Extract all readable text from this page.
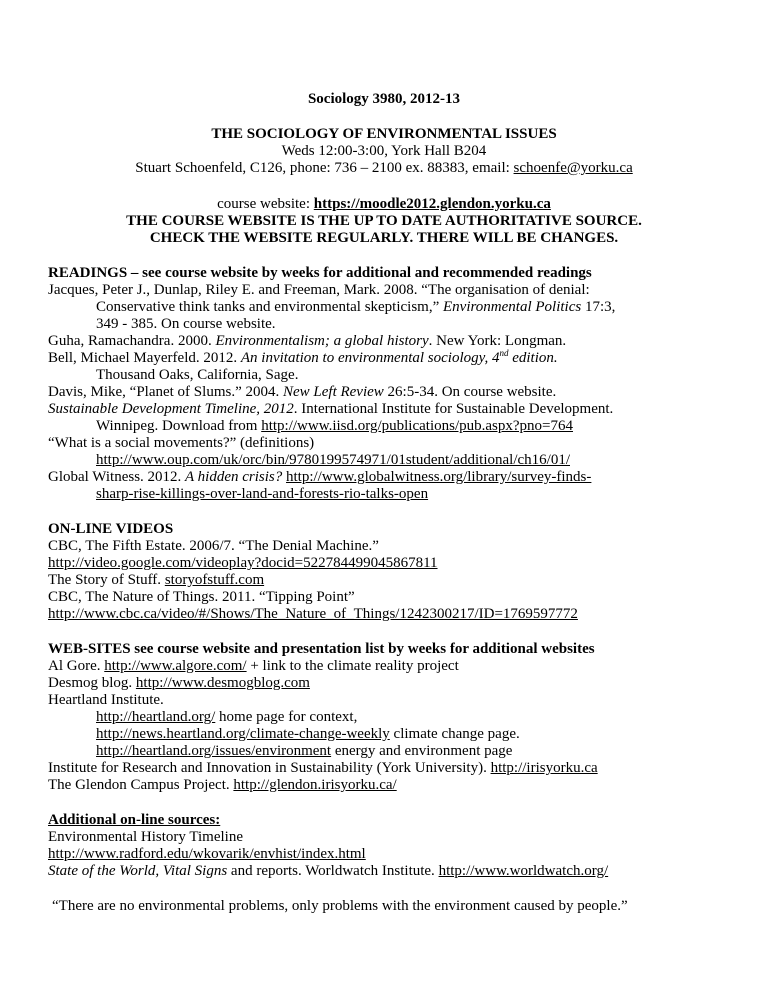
Sociology 3980, 2012-13
THE SOCIOLOGY OF ENVIRONMENTAL ISSUES
Weds 12:00-3:00, York Hall B204
Stuart Schoenfeld, C126, phone: 736 – 2100 ex. 88383, email: schoenfe@yorku.ca
course website: https://moodle2012.glendon.yorku.ca
THE COURSE WEBSITE IS THE UP TO DATE AUTHORITATIVE SOURCE.
CHECK THE WEBSITE REGULARLY. THERE WILL BE CHANGES.
READINGS – see course website by weeks for additional and recommended readings
Jacques, Peter J., Dunlap, Riley E. and Freeman, Mark. 2008. “The organisation of denial:
Conservative think tanks and environmental skepticism,” Environmental Politics 17:3,
349 - 385. On course website.
Guha, Ramachandra. 2000. Environmentalism; a global history. New York: Longman.
Bell, Michael Mayerfeld. 2012. An invitation to environmental sociology, 4nd edition.
Thousand Oaks, California, Sage.
Davis, Mike, “Planet of Slums.” 2004. New Left Review 26:5-34. On course website.
Sustainable Development Timeline, 2012. International Institute for Sustainable Development.
Winnipeg. Download from http://www.iisd.org/publications/pub.aspx?pno=764
“What is a social movements?” (definitions)
http://www.oup.com/uk/orc/bin/9780199574971/01student/additional/ch16/01/
Global Witness. 2012. A hidden crisis? http://www.globalwitness.org/library/survey-finds-
sharp-rise-killings-over-land-and-forests-rio-talks-open
ON-LINE VIDEOS
CBC, The Fifth Estate. 2006/7. “The Denial Machine.”
http://video.google.com/videoplay?docid=522784499045867811
The Story of Stuff. storyofstuff.com
CBC, The Nature of Things. 2011. “Tipping Point”
http://www.cbc.ca/video/#/Shows/The_Nature_of_Things/1242300217/ID=1769597772
WEB-SITES see course website and presentation list by weeks for additional websites
Al Gore. http://www.algore.com/ + link to the climate reality project
Desmog blog. http://www.desmogblog.com
Heartland Institute.
http://heartland.org/ home page for context,
http://news.heartland.org/climate-change-weekly climate change page.
http://heartland.org/issues/environment energy and environment page
Institute for Research and Innovation in Sustainability (York University). http://irisyorku.ca
The Glendon Campus Project. http://glendon.irisyorku.ca/
Additional on-line sources:
Environmental History Timeline
http://www.radford.edu/wkovarik/envhist/index.html
State of the World, Vital Signs and reports. Worldwatch Institute. http://www.worldwatch.org/
“There are no environmental problems, only problems with the environment caused by people.”
